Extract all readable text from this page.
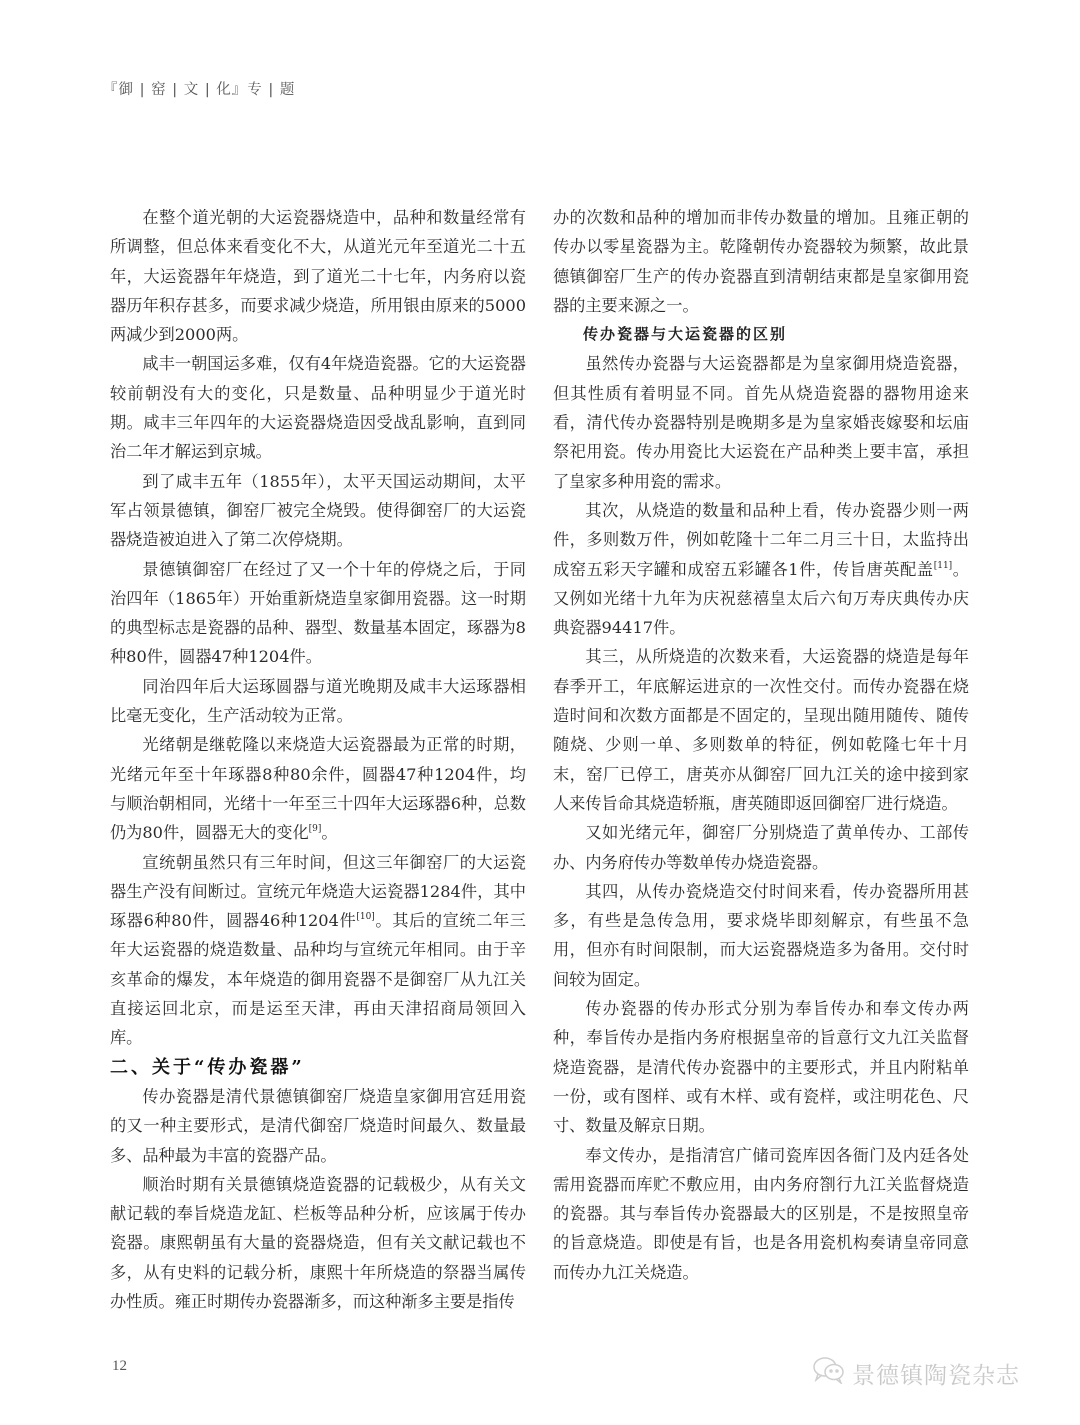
『御 | 窑 | 文 | 化』专 | 题

在整个道光朝的大运瓷器烧造中，品种和数量经常有所调整，但总体来看变化不大，从道光元年至道光二十五年，大运瓷器年年烧造，到了道光二十七年，内务府以瓷器历年积存甚多，而要求减少烧造，所用银由原来的5000两减少到2000两。

咸丰一朝国运多难，仅有4年烧造瓷器。它的大运瓷器较前朝没有大的变化，只是数量、品种明显少于道光时期。咸丰三年四年的大运瓷器烧造因受战乱影响，直到同治二年才解运到京城。

到了咸丰五年（1855年），太平天国运动期间，太平军占领景德镇，御窑厂被完全烧毁。使得御窑厂的大运瓷器烧造被迫进入了第二次停烧期。

景德镇御窑厂在经过了又一个十年的停烧之后，于同治四年（1865年）开始重新烧造皇家御用瓷器。这一时期的典型标志是瓷器的品种、器型、数量基本固定，琢器为8种80件，圆器47种1204件。

同治四年后大运琢圆器与道光晚期及咸丰大运琢器相比毫无变化，生产活动较为正常。

光绪朝是继乾隆以来烧造大运瓷器最为正常的时期，光绪元年至十年琢器8种80余件，圆器47种1204件，均与顺治朝相同，光绪十一年至三十四年大运琢器6种，总数仍为80件，圆器无大的变化[9]。

宣统朝虽然只有三年时间，但这三年御窑厂的大运瓷器生产没有间断过。宣统元年烧造大运瓷器1284件，其中琢器6种80件，圆器46种1204件[10]。其后的宣统二年三年大运瓷器的烧造数量、品种均与宣统元年相同。由于辛亥革命的爆发，本年烧造的御用瓷器不是御窑厂从九江关直接运回北京，而是运至天津，再由天津招商局领回入库。

二、关于“传办瓷器”

传办瓷器是清代景德镇御窑厂烧造皇家御用宫廷用瓷的又一种主要形式，是清代御窑厂烧造时间最久、数量最多、品种最为丰富的瓷器产品。

顺治时期有关景德镇烧造瓷器的记载极少，从有关文献记载的奉旨烧造龙缸、栏板等品种分析，应该属于传办瓷器。康熙朝虽有大量的瓷器烧造，但有关文献记载也不多，从有史料的记载分析，康熙十年所烧造的祭器当属传办性质。雍正时期传办瓷器渐多，而这种渐多主要是指传

办的次数和品种的增加而非传办数量的增加。且雍正朝的传办以零星瓷器为主。乾隆朝传办瓷器较为频繁，故此景德镇御窑厂生产的传办瓷器直到清朝结束都是皇家御用瓷器的主要来源之一。

传办瓷器与大运瓷器的区别

虽然传办瓷器与大运瓷器都是为皇家御用烧造瓷器，但其性质有着明显不同。首先从烧造瓷器的器物用途来看，清代传办瓷器特别是晚期多是为皇家婚丧嫁娶和坛庙祭祀用瓷。传办用瓷比大运瓷在产品种类上要丰富，承担了皇家多种用瓷的需求。

其次，从烧造的数量和品种上看，传办瓷器少则一两件，多则数万件，例如乾隆十二年二月三十日，太监持出成窑五彩天字罐和成窑五彩罐各1件，传旨唐英配盖[11]。又例如光绪十九年为庆祝慈禧皇太后六旬万寿庆典传办庆典瓷器94417件。

其三，从所烧造的次数来看，大运瓷器的烧造是每年春季开工，年底解运进京的一次性交付。而传办瓷器在烧造时间和次数方面都是不固定的，呈现出随用随传、随传随烧、少则一单、多则数单的特征，例如乾隆七年十月末，窑厂已停工，唐英亦从御窑厂回九江关的途中接到家人来传旨命其烧造轿瓶，唐英随即返回御窑厂进行烧造。

又如光绪元年，御窑厂分别烧造了黄单传办、工部传办、内务府传办等数单传办烧造瓷器。

其四，从传办瓷烧造交付时间来看，传办瓷器所用甚多，有些是急传急用，要求烧毕即刻解京，有些虽不急用，但亦有时间限制，而大运瓷器烧造多为备用。交付时间较为固定。

传办瓷器的传办形式分别为奉旨传办和奉文传办两种，奉旨传办是指内务府根据皇帝的旨意行文九江关监督烧造瓷器，是清代传办瓷器中的主要形式，并且内附粘单一份，或有图样、或有木样、或有瓷样，或注明花色、尺寸、数量及解京日期。

奉文传办，是指清宫广储司瓷库因各衙门及内廷各处需用瓷器而库贮不敷应用，由内务府劄行九江关监督烧造的瓷器。其与奉旨传办瓷器最大的区别是，不是按照皇帝的旨意烧造。即使是有旨，也是各用瓷机构奏请皇帝同意而传办九江关烧造。

12	景德镇陶瓷杂志
